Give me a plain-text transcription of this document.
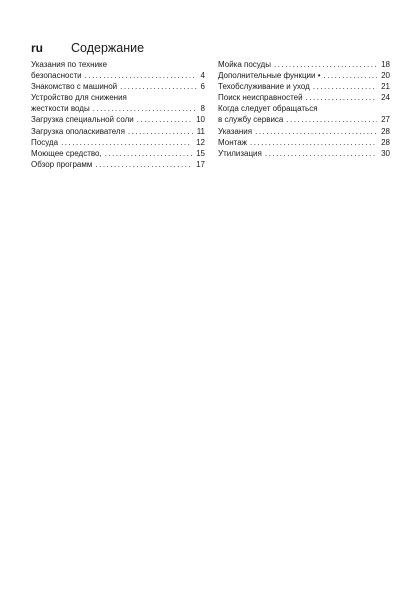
ru	Содержание
Указания по технике
безопасности .....	4
Знакомство с машиной .....	6
Устройство для снижения
жесткости воды .....	8
Загрузка специальной соли .....	10
Загрузка ополаскивателя .....	11
Посуда .....	12
Моющее средство, .....	15
Обзор программ .....	17
Мойка посуды .....	18
Дополнительные функции • .....	20
Техобслуживание и уход .....	21
Поиск неисправностей .....	24
Когда следует обращаться
в службу сервиса .....	27
Указания .....	28
Монтаж .....	28
Утилизация .....	30
